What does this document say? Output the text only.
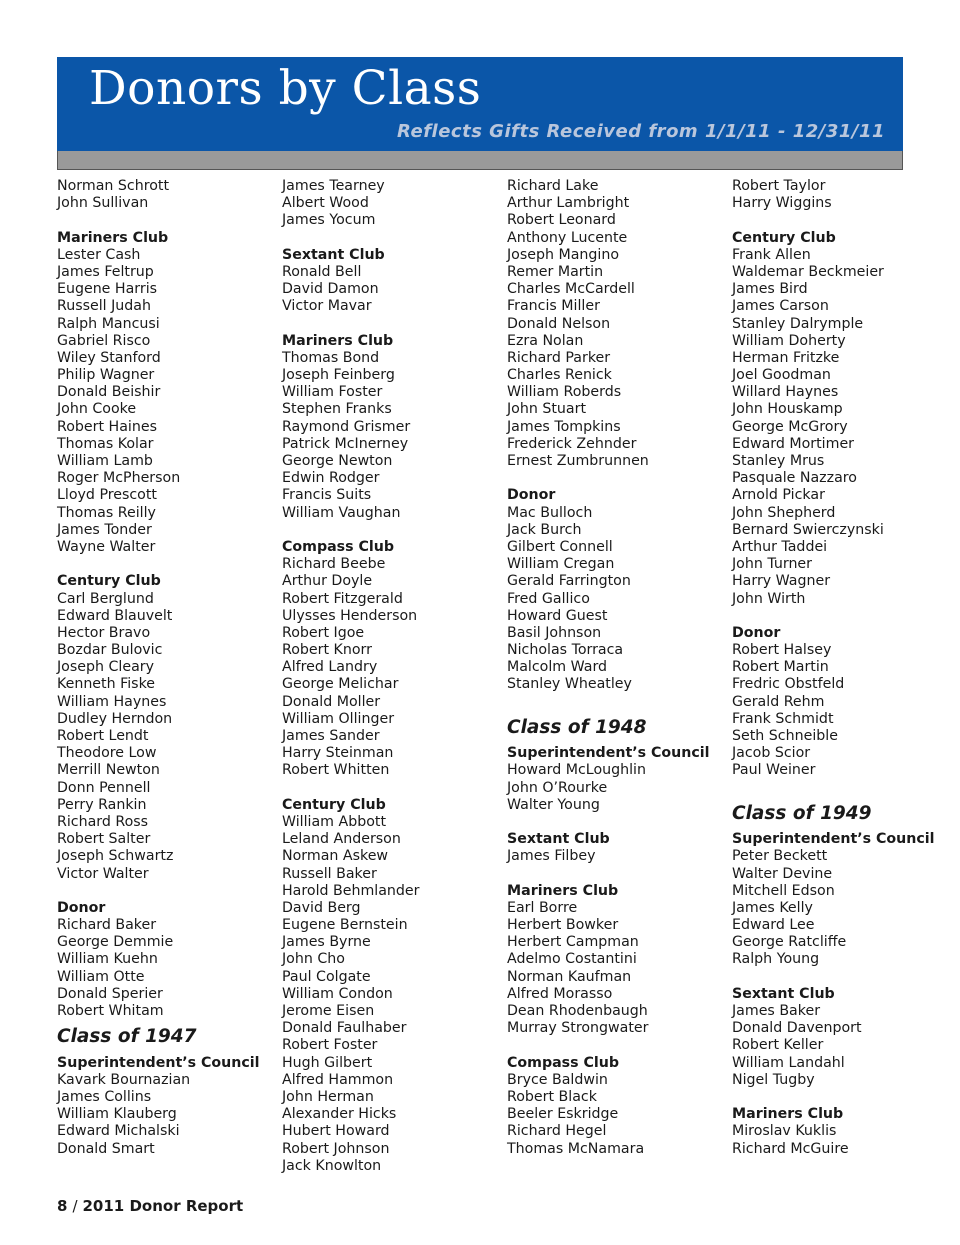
Donors by Class
Reflects Gifts Received from 1/1/11 - 12/31/11
Norman Schrott
John Sullivan
Mariners Club
Lester Cash
James Feltrup
Eugene Harris
Russell Judah
Ralph Mancusi
Gabriel Risco
Wiley Stanford
Philip Wagner
Donald Beishir
John Cooke
Robert Haines
Thomas Kolar
William Lamb
Roger McPherson
Lloyd Prescott
Thomas Reilly
James Tonder
Wayne Walter
Century Club
Carl Berglund
Edward Blauvelt
Hector Bravo
Bozdar Bulovic
Joseph Cleary
Kenneth Fiske
William Haynes
Dudley Herndon
Robert Lendt
Theodore Low
Merrill Newton
Donn Pennell
Perry Rankin
Richard Ross
Robert Salter
Joseph Schwartz
Victor Walter
Donor
Richard Baker
George Demmie
William Kuehn
William Otte
Donald Sperier
Robert Whitam
Class of 1947
Superintendent’s Council
Kavark Bournazian
James Collins
William Klauberg
Edward Michalski
Donald Smart
James Tearney
Albert Wood
James Yocum
Sextant Club
Ronald Bell
David Damon
Victor Mavar
Mariners Club
Thomas Bond
Joseph Feinberg
William Foster
Stephen Franks
Raymond Grismer
Patrick McInerney
George Newton
Edwin Rodger
Francis Suits
William Vaughan
Compass Club
Richard Beebe
Arthur Doyle
Robert Fitzgerald
Ulysses Henderson
Robert Igoe
Robert Knorr
Alfred Landry
George Melichar
Donald Moller
William Ollinger
James Sander
Harry Steinman
Robert Whitten
Century Club
William Abbott
Leland Anderson
Norman Askew
Russell Baker
Harold Behmlander
David Berg
Eugene Bernstein
James Byrne
John Cho
Paul Colgate
William Condon
Jerome Eisen
Donald Faulhaber
Robert Foster
Hugh Gilbert
Alfred Hammon
John Herman
Alexander Hicks
Hubert Howard
Robert Johnson
Jack Knowlton
Richard Lake
Arthur Lambright
Robert Leonard
Anthony Lucente
Joseph Mangino
Remer Martin
Charles McCardell
Francis Miller
Donald Nelson
Ezra Nolan
Richard Parker
Charles Renick
William Roberds
John Stuart
James Tompkins
Frederick Zehnder
Ernest Zumbrunnen
Donor
Mac Bulloch
Jack Burch
Gilbert Connell
William Cregan
Gerald Farrington
Fred Gallico
Howard Guest
Basil Johnson
Nicholas Torraca
Malcolm Ward
Stanley Wheatley
Class of 1948
Superintendent’s Council
Howard McLoughlin
John O’Rourke
Walter Young
Sextant Club
James Filbey
Mariners Club
Earl Borre
Herbert Bowker
Herbert Campman
Adelmo Costantini
Norman Kaufman
Alfred Morasso
Dean Rhodenbaugh
Murray Strongwater
Compass Club
Bryce Baldwin
Robert Black
Beeler Eskridge
Richard Hegel
Thomas McNamara
Robert Taylor
Harry Wiggins
Century Club
Frank Allen
Waldemar Beckmeier
James Bird
James Carson
Stanley Dalrymple
William Doherty
Herman Fritzke
Joel Goodman
Willard Haynes
John Houskamp
George McGrory
Edward Mortimer
Stanley Mrus
Pasquale Nazzaro
Arnold Pickar
John Shepherd
Bernard Swierczynski
Arthur Taddei
John Turner
Harry Wagner
John Wirth
Donor
Robert Halsey
Robert Martin
Fredric Obstfeld
Gerald Rehm
Frank Schmidt
Seth Schneible
Jacob Scior
Paul Weiner
Class of 1949
Superintendent’s Council
Peter Beckett
Walter Devine
Mitchell Edson
James Kelly
Edward Lee
George Ratcliffe
Ralph Young
Sextant Club
James Baker
Donald Davenport
Robert Keller
William Landahl
Nigel Tugby
Mariners Club
Miroslav Kuklis
Richard McGuire
8 / 2011 Donor Report
